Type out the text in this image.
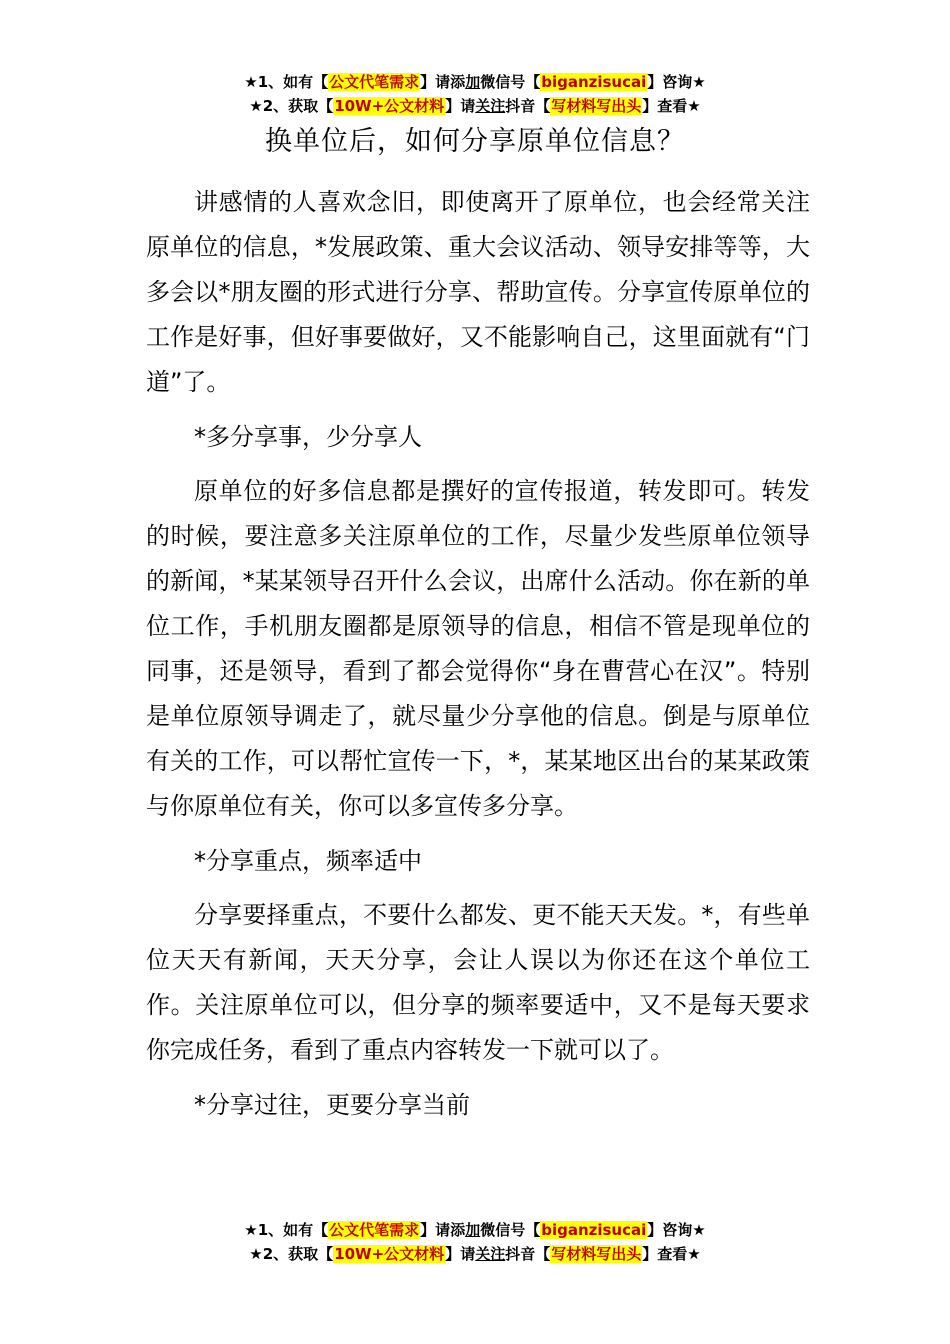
★1、如有【公文代笔需求】请添加微信号【biganzisucai】咨询★
★2、获取【10W+公文材料】请关注抖音【写材料写出头】查看★
换单位后，如何分享原单位信息？

讲感情的人喜欢念旧，即使离开了原单位，也会经常关注原单位的信息，*发展政策、重大会议活动、领导安排等等，大多会以*朋友圈的形式进行分享、帮助宣传。分享宣传原单位的工作是好事，但好事要做好，又不能影响自己，这里面就有“门道”了。

*多分享事，少分享人

原单位的好多信息都是撰好的宣传报道，转发即可。转发的时候，要注意多关注原单位的工作，尽量少发些原单位领导的新闻，*某某领导召开什么会议，出席什么活动。你在新的单位工作，手机朋友圈都是原领导的信息，相信不管是现单位的同事，还是领导，看到了都会觉得你“身在曹营心在汉”。特别是单位原领导调走了，就尽量少分享他的信息。倒是与原单位有关的工作，可以帮忙宣传一下，*，某某地区出台的某某政策与你原单位有关，你可以多宣传多分享。

*分享重点，频率适中

分享要择重点，不要什么都发、更不能天天发。*，有些单位天天有新闻，天天分享，会让人误以为你还在这个单位工作。关注原单位可以，但分享的频率要适中，又不是每天要求你完成任务，看到了重点内容转发一下就可以了。

*分享过往，更要分享当前

★1、如有【公文代笔需求】请添加微信号【biganzisucai】咨询★
★2、获取【10W+公文材料】请关注抖音【写材料写出头】查看★
